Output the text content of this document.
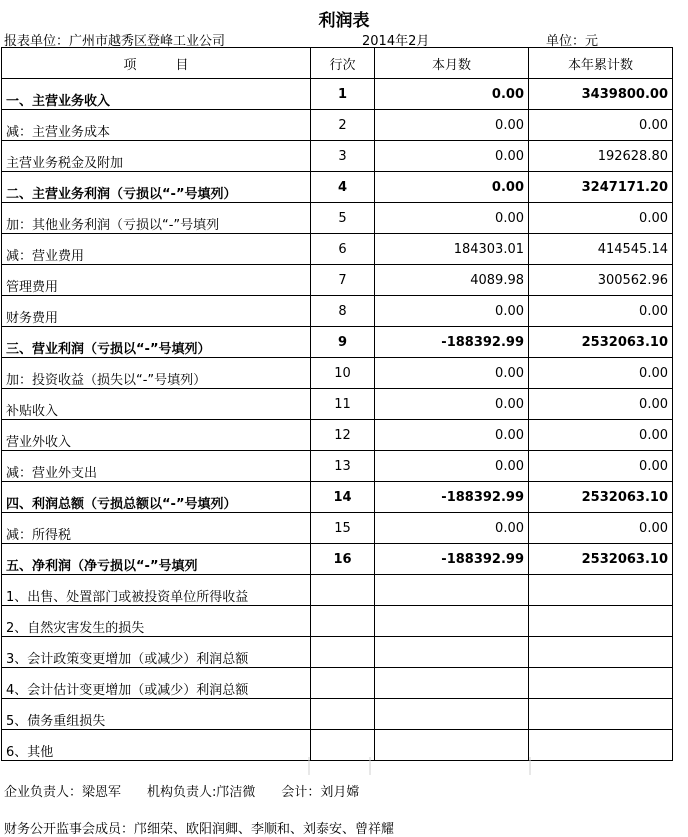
利润表
报表单位：广州市越秀区登峰工业公司	2014年2月	单位：元
项　　　目	行次	本月数	本年累计数
一、主营业务收入	1	0.00	3439800.00
减：主营业务成本	2	0.00	0.00
主营业务税金及附加	3	0.00	192628.80
二、主营业务利润（亏损以“-”号填列）	4	0.00	3247171.20
加：其他业务利润（亏损以“-”号填列	5	0.00	0.00
减：营业费用	6	184303.01	414545.14
管理费用	7	4089.98	300562.96
财务费用	8	0.00	0.00
三、营业利润（亏损以“-”号填列）	9	-188392.99	2532063.10
加：投资收益（损失以“-”号填列）	10	0.00	0.00
补贴收入	11	0.00	0.00
营业外收入	12	0.00	0.00
减：营业外支出	13	0.00	0.00
四、利润总额（亏损总额以“-”号填列）	14	-188392.99	2532063.10
减：所得税	15	0.00	0.00
五、净利润（净亏损以“-”号填列	16	-188392.99	2532063.10
1、出售、处置部门或被投资单位所得收益			
2、自然灾害发生的损失			
3、会计政策变更增加（或减少）利润总额			
4、会计估计变更增加（或减少）利润总额			
5、债务重组损失			
6、其他			
企业负责人：梁恩军　　机构负责人:邝洁微　　会计：刘月嫦
财务公开监事会成员：邝细荣、欧阳润卿、李顺和、刘泰安、曾祥耀
